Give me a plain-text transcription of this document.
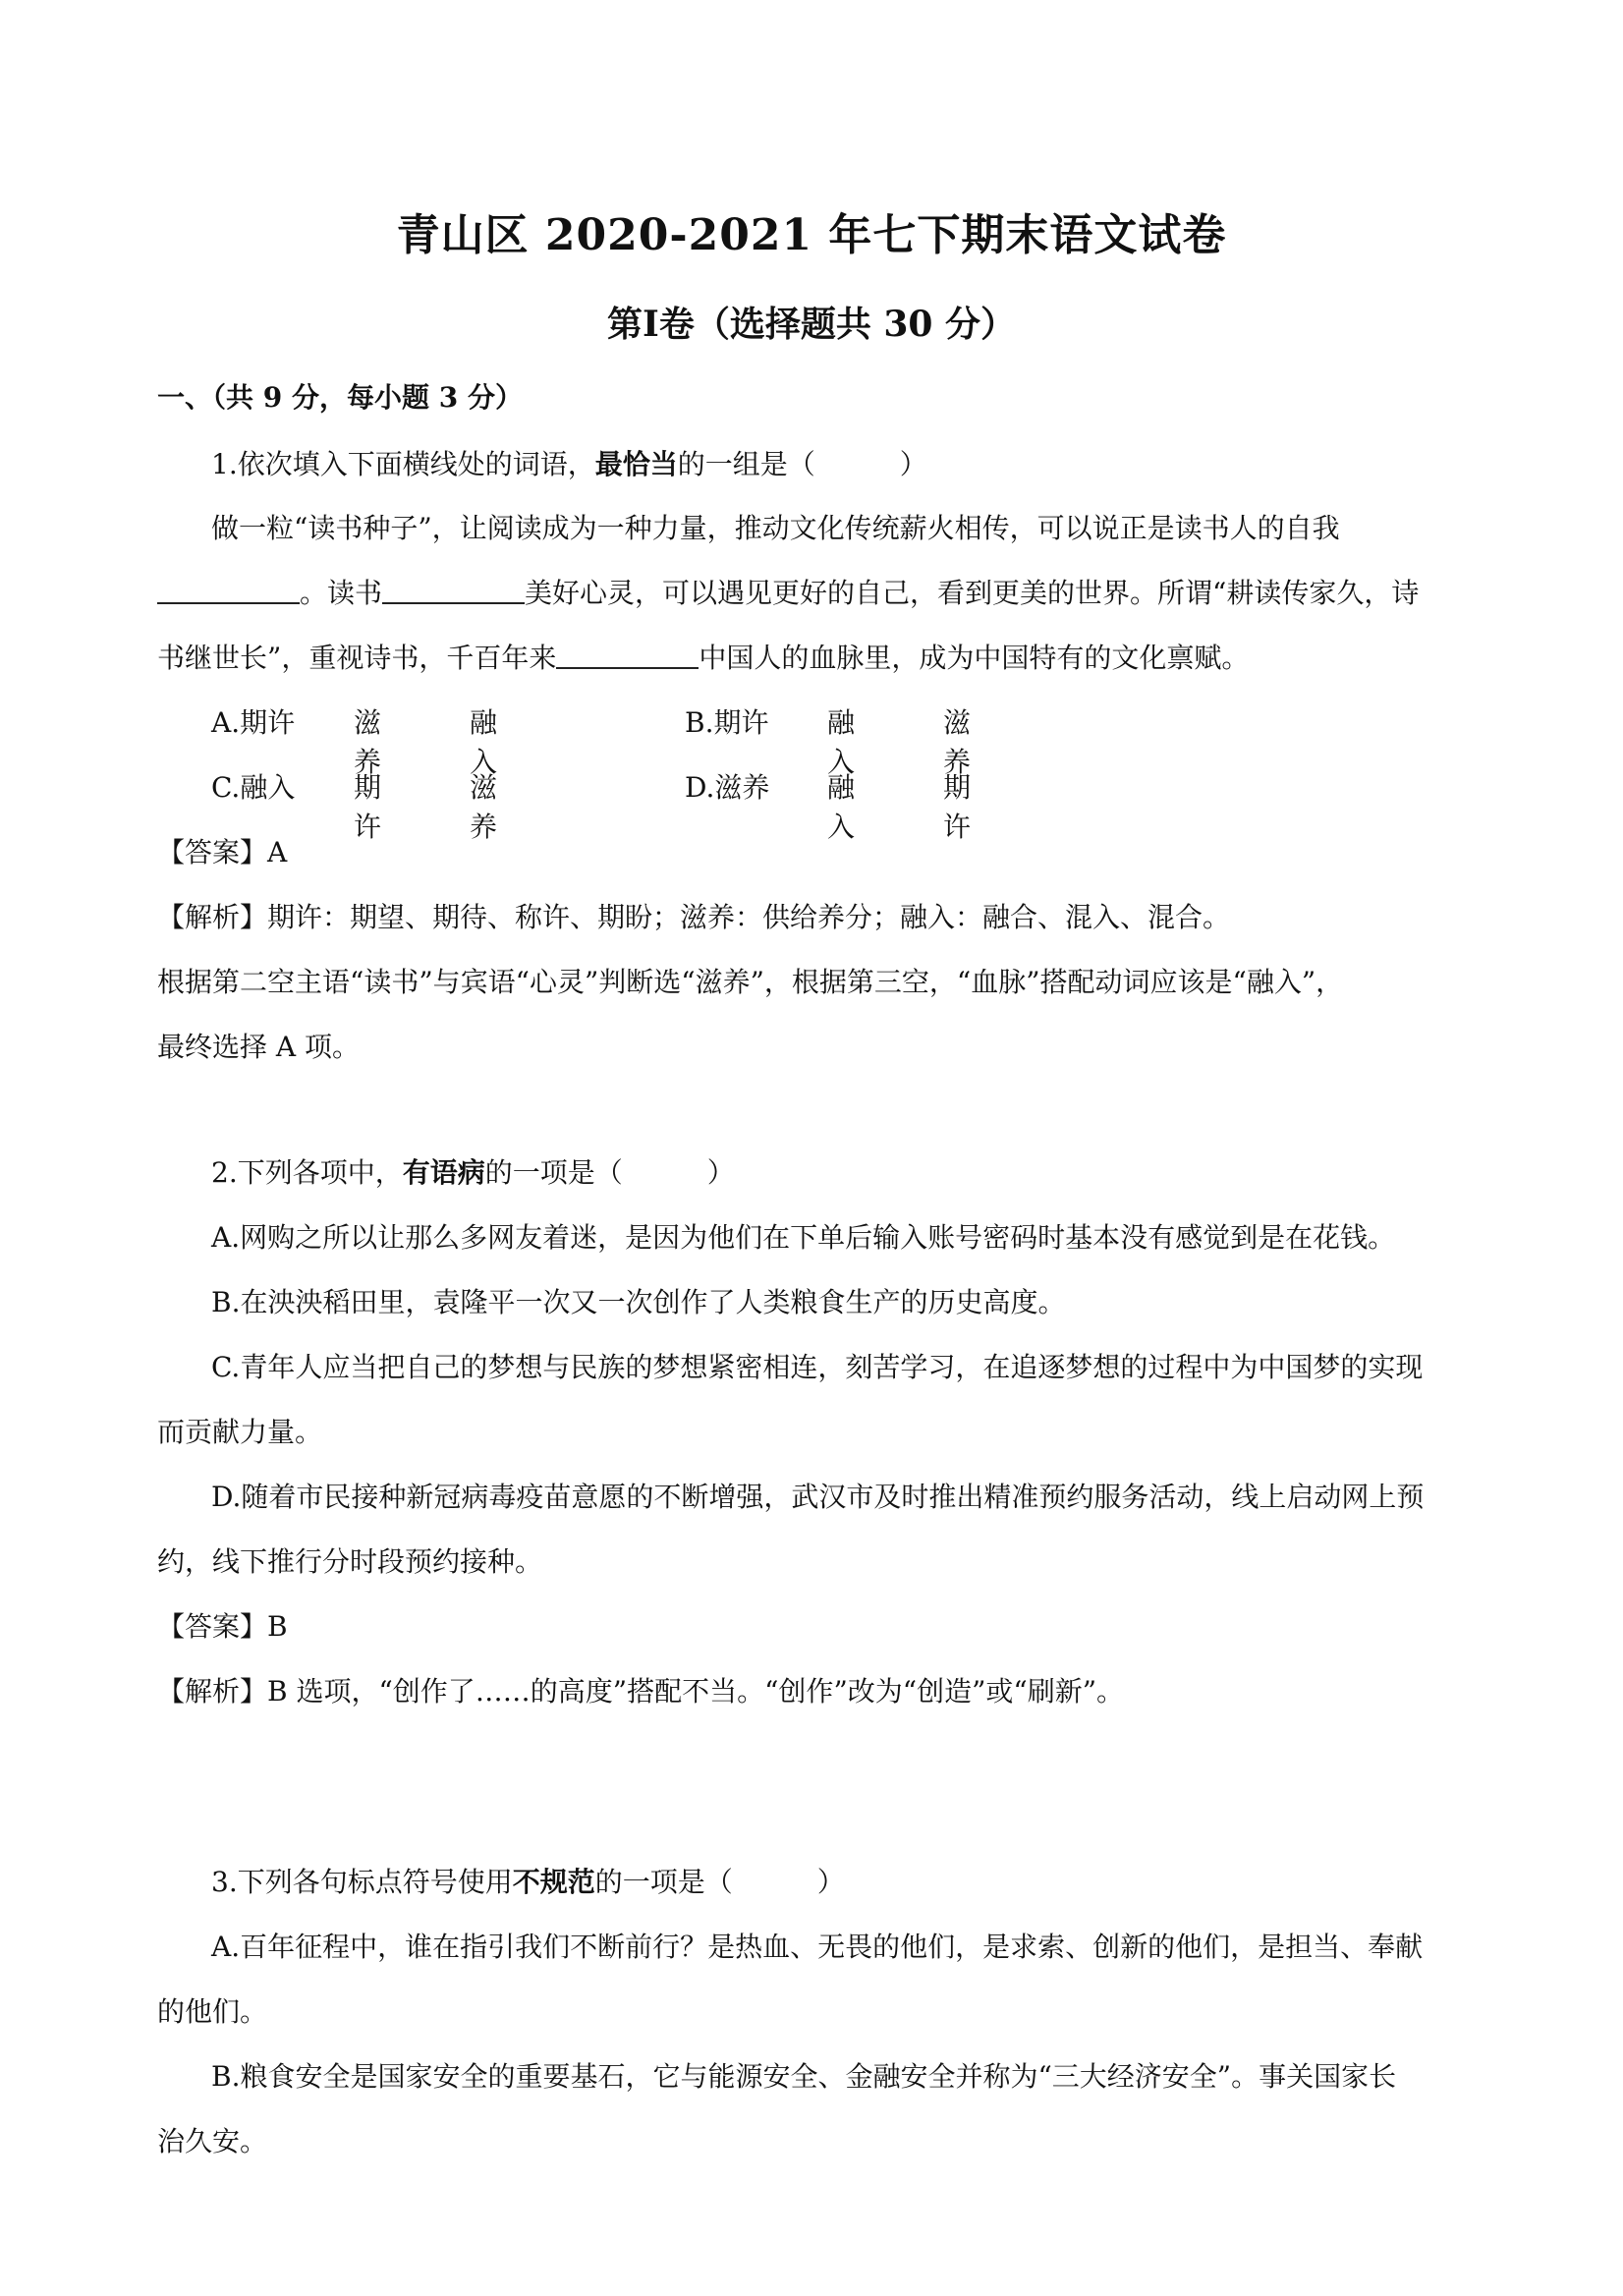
青山区 2020-2021 年七下期末语文试卷
第Ⅰ卷（选择题共 30 分）
一、（共 9 分，每小题 3 分）
1.依次填入下面横线处的词语，最恰当的一组是（	）
做一粒“读书种子”，让阅读成为一种力量，推动文化传统薪火相传，可以说正是读书人的自我
。读书	美好心灵，可以遇见更好的自己，看到更美的世界。所谓“耕读传家久，诗
书继世长”，重视诗书，千百年来	中国人的血脉里，成为中国特有的文化禀赋。
A.期许 滋养
融入
B.期许 融入
滋养
C.融入 期许
滋养
D.滋养 融入
期许
【答案】A
【解析】期许：期望、期待、称许、期盼；滋养：供给养分；融入：融合、混入、混合。
根据第二空主语“读书”与宾语“心灵”判断选“滋养”，根据第三空，“血脉”搭配动词应该是“融入”，
最终选择 A 项。
2.下列各项中，有语病的一项是（	）
A.网购之所以让那么多网友着迷，是因为他们在下单后输入账号密码时基本没有感觉到是在花钱。
B.在泱泱稻田里，袁隆平一次又一次创作了人类粮食生产的历史高度。
C.青年人应当把自己的梦想与民族的梦想紧密相连，刻苦学习，在追逐梦想的过程中为中国梦的实现
而贡献力量。
D.随着市民接种新冠病毒疫苗意愿的不断增强，武汉市及时推出精准预约服务活动，线上启动网上预
约，线下推行分时段预约接种。
【答案】B
【解析】B 选项，“创作了……的高度”搭配不当。“创作”改为“创造”或“刷新”。
3.下列各句标点符号使用不规范的一项是（	）
A.百年征程中，谁在指引我们不断前行？是热血、无畏的他们，是求索、创新的他们，是担当、奉献
的他们。
B.粮食安全是国家安全的重要基石，它与能源安全、金融安全并称为“三大经济安全”。事关国家长
治久安。
